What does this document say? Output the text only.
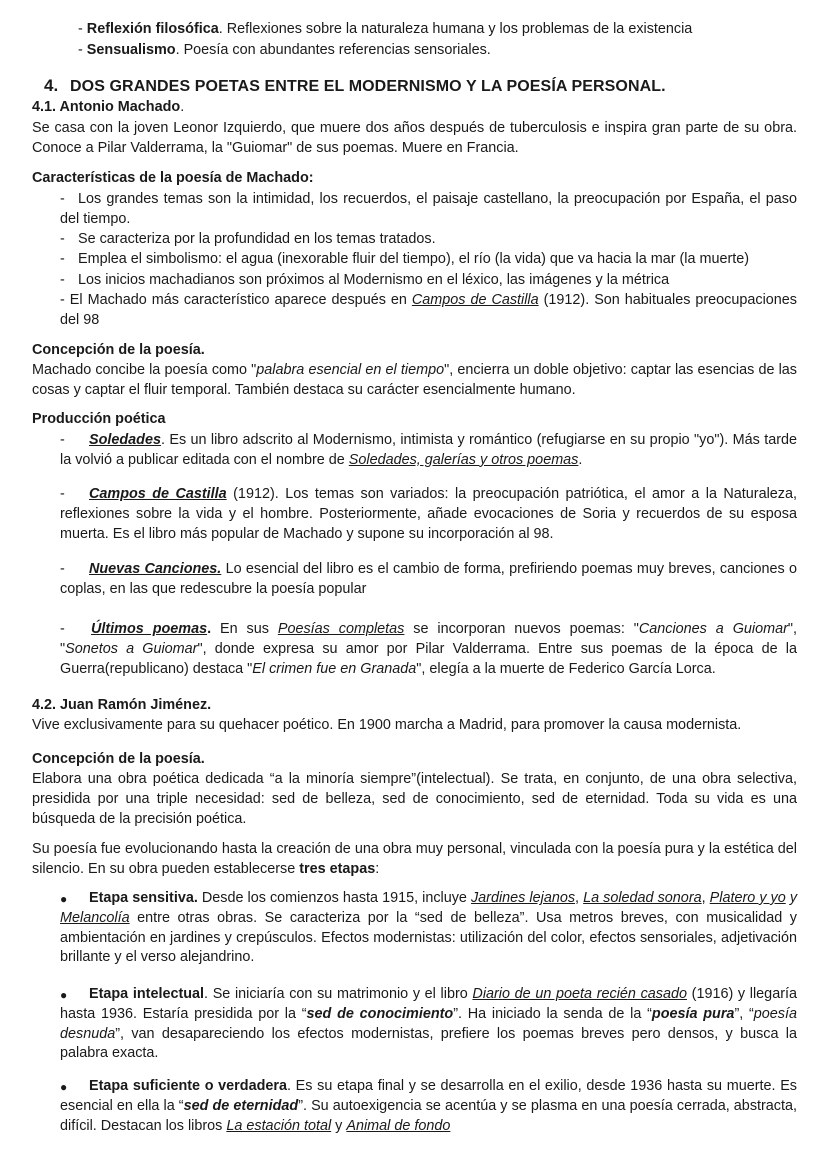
- Reflexión filosófica. Reflexiones sobre la naturaleza humana y los problemas de la existencia

- Sensualismo. Poesía con abundantes referencias sensoriales.

4. DOS GRANDES POETAS ENTRE EL MODERNISMO Y LA POESÍA PERSONAL.

4.1. Antonio Machado.

Se casa con la joven Leonor Izquierdo, que muere dos años después de tuberculosis e inspira gran parte de su obra. Conoce a Pilar Valderrama, la "Guiomar" de sus poemas. Muere en Francia.

Características de la poesía de Machado:

- Los grandes temas son la intimidad, los recuerdos, el paisaje castellano, la preocupación por España, el paso del tiempo.

- Se caracteriza por la profundidad en los temas tratados.

- Emplea el simbolismo: el agua (inexorable fluir del tiempo), el río (la vida) que va hacia la mar (la muerte)

- Los inicios machadianos son próximos al Modernismo en el léxico, las imágenes y la métrica

- El Machado más característico aparece después en Campos de Castilla (1912). Son habituales preocupaciones del 98

Concepción de la poesía.

Machado concibe la poesía como "palabra esencial en el tiempo", encierra un doble objetivo: captar las esencias de las cosas y captar el fluir temporal. También destaca su carácter esencialmente humano.

Producción poética

-	Soledades. Es un libro adscrito al Modernismo, intimista y romántico (refugiarse en su propio "yo"). Más tarde la volvió a publicar editada con el nombre de Soledades, galerías y otros poemas.

-	Campos de Castilla (1912). Los temas son variados: la preocupación patriótica, el amor a la Naturaleza, reflexiones sobre la vida y el hombre. Posteriormente, añade evocaciones de Soria y recuerdos de su esposa muerta. Es el libro más popular de Machado y supone su incorporación al 98.

-	Nuevas Canciones. Lo esencial del libro es el cambio de forma, prefiriendo poemas muy breves, canciones o coplas, en las que redescubre la poesía popular

-	Últimos poemas. En sus Poesías completas se incorporan nuevos poemas: "Canciones a Guiomar", "Sonetos a Guiomar", donde expresa su amor por Pilar Valderrama. Entre sus poemas de la época de la Guerra(republicano) destaca "El crimen fue en Granada", elegía a la muerte de Federico García Lorca.

4.2. Juan Ramón Jiménez.

Vive exclusivamente para su quehacer poético. En 1900 marcha a Madrid, para promover la causa modernista.

Concepción de la poesía.

Elabora una obra poética dedicada “a la minoría siempre”(intelectual). Se trata, en conjunto, de una obra selectiva, presidida por una triple necesidad: sed de belleza, sed de conocimiento, sed de eternidad. Toda su vida es una búsqueda de la precisión poética.

Su poesía fue evolucionando hasta la creación de una obra muy personal, vinculada con la poesía pura y la estética del silencio. En su obra pueden establecerse tres etapas:

●	Etapa sensitiva. Desde los comienzos hasta 1915, incluye Jardines lejanos, La soledad sonora, Platero y yo y Melancolía entre otras obras. Se caracteriza por la “sed de belleza”. Usa metros breves, con musicalidad y ambientación en jardines y crepúsculos. Efectos modernistas: utilización del color, efectos sensoriales, adjetivación brillante y el verso alejandrino.

●	Etapa intelectual. Se iniciaría con su matrimonio y el libro Diario de un poeta recién casado (1916) y llegaría hasta 1936. Estaría presidida por la “sed de conocimiento”. Ha iniciado la senda de la “poesía pura”, “poesía desnuda”, van desapareciendo los efectos modernistas, prefiere los poemas breves pero densos, y busca la palabra exacta.

●	Etapa suficiente o verdadera. Es su etapa final y se desarrolla en el exilio, desde 1936 hasta su muerte. Es esencial en ella la “sed de eternidad”. Su autoexigencia se acentúa y se plasma en una poesía cerrada, abstracta, difícil. Destacan los libros La estación total y Animal de fondo
